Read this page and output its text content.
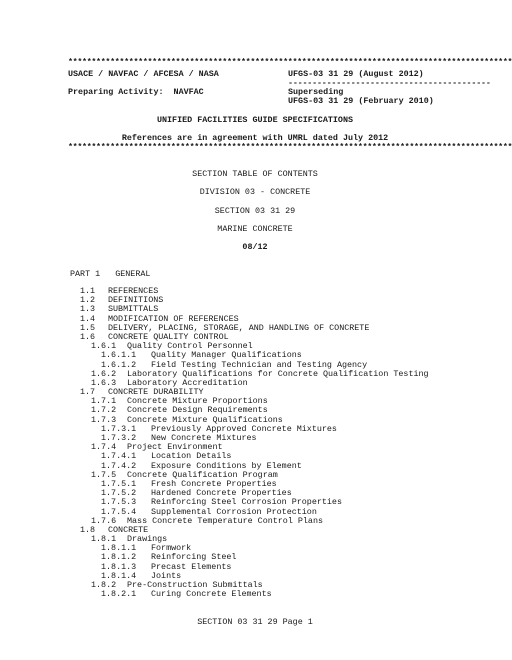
***********************************************************************************************
USACE / NAVFAC / AFCESA / NASA	UFGS-03 31 29 (August 2012)
------------------------------------------
Preparing Activity:  NAVFAC	Superseding
UFGS-03 31 29 (February 2010)
UNIFIED FACILITIES GUIDE SPECIFICATIONS
References are in agreement with UMRL dated July 2012
***********************************************************************************************
SECTION TABLE OF CONTENTS
DIVISION 03 - CONCRETE
SECTION 03 31 29
MARINE CONCRETE
08/12
PART 1 GENERAL
1.1 REFERENCES
1.2 DEFINITIONS
1.3 SUBMITTALS
1.4 MODIFICATION OF REFERENCES
1.5 DELIVERY, PLACING, STORAGE, AND HANDLING OF CONCRETE
1.6 CONCRETE QUALITY CONTROL
1.6.1 Quality Control Personnel
1.6.1.1 Quality Manager Qualifications
1.6.1.2 Field Testing Technician and Testing Agency
1.6.2 Laboratory Qualifications for Concrete Qualification Testing
1.6.3 Laboratory Accreditation
1.7 CONCRETE DURABILITY
1.7.1 Concrete Mixture Proportions
1.7.2 Concrete Design Requirements
1.7.3 Concrete Mixture Qualifications
1.7.3.1 Previously Approved Concrete Mixtures
1.7.3.2 New Concrete Mixtures
1.7.4 Project Environment
1.7.4.1 Location Details
1.7.4.2 Exposure Conditions by Element
1.7.5 Concrete Qualification Program
1.7.5.1 Fresh Concrete Properties
1.7.5.2 Hardened Concrete Properties
1.7.5.3 Reinforcing Steel Corrosion Properties
1.7.5.4 Supplemental Corrosion Protection
1.7.6 Mass Concrete Temperature Control Plans
1.8 CONCRETE
1.8.1 Drawings
1.8.1.1 Formwork
1.8.1.2 Reinforcing Steel
1.8.1.3 Precast Elements
1.8.1.4 Joints
1.8.2 Pre-Construction Submittals
1.8.2.1 Curing Concrete Elements
SECTION 03 31 29 Page 1
